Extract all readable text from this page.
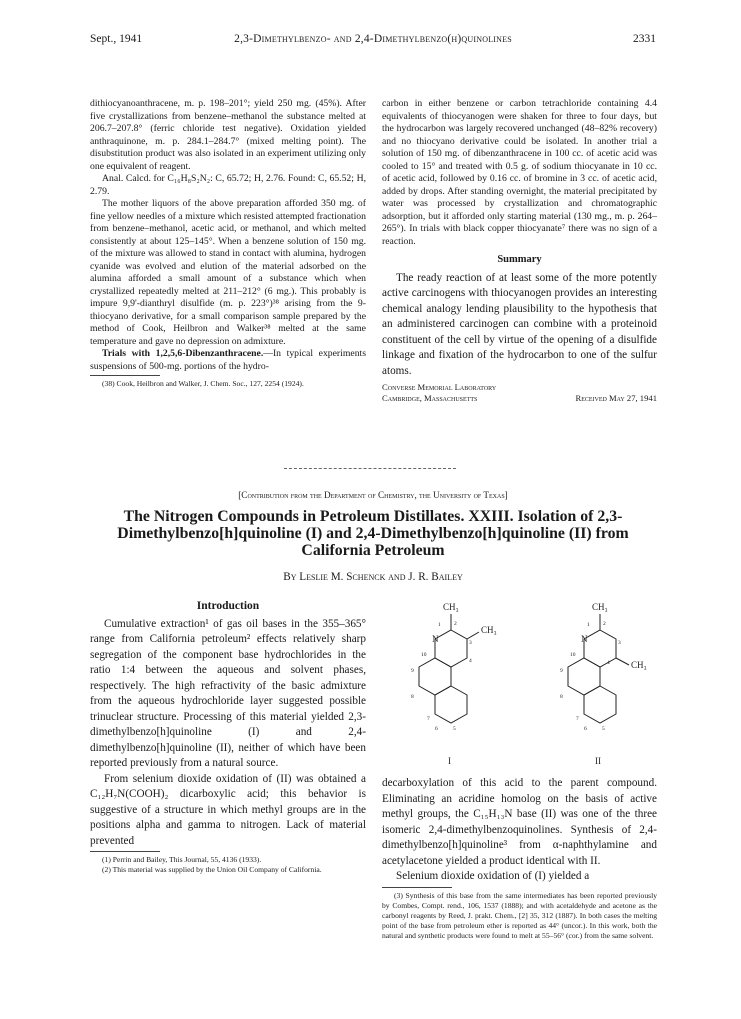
Sept., 1941	2,3-Dimethylbenzo- and 2,4-Dimethylbenzo(h)quinolines	2331

dithiocyanoanthracene, m. p. 198–201°; yield 250 mg. (45%). After five crystallizations from benzene–methanol the substance melted at 206.7–207.8° (ferric chloride test negative). Oxidation yielded anthraquinone, m. p. 284.1–284.7° (mixed melting point). The disubstitution product was also isolated in an experiment utilizing only one equivalent of reagent.

Anal. Calcd. for C₁₆H₈S₂N₂: C, 65.72; H, 2.76. Found: C, 65.52; H, 2.79.

The mother liquors of the above preparation afforded 350 mg. of fine yellow needles of a mixture which resisted attempted fractionation from benzene–methanol, acetic acid, or methanol, and which melted consistently at about 125–145°. When a benzene solution of 150 mg. of the mixture was allowed to stand in contact with alumina, hydrogen cyanide was evolved and elution of the material adsorbed on the alumina afforded a small amount of a substance which when crystallized repeatedly melted at 211–212° (6 mg.). This probably is impure 9,9'-dianthryl disulfide (m. p. 223°)³⁸ arising from the 9-thiocyano derivative, for a small comparison sample prepared by the method of Cook, Heilbron and Walker³⁸ melted at the same temperature and gave no depression on admixture.

Trials with 1,2,5,6-Dibenzanthracene.—In typical experiments suspensions of 500-mg. portions of the hydro-

(38) Cook, Heilbron and Walker, J. Chem. Soc., 127, 2254 (1924).

carbon in either benzene or carbon tetrachloride containing 4.4 equivalents of thiocyanogen were shaken for three to four days, but the hydrocarbon was largely recovered unchanged (48–82% recovery) and no thiocyano derivative could be isolated. In another trial a solution of 150 mg. of dibenzanthracene in 100 cc. of acetic acid was cooled to 15° and treated with 0.5 g. of sodium thiocyanate in 10 cc. of acetic acid, followed by 0.16 cc. of bromine in 3 cc. of acetic acid, added by drops. After standing overnight, the material precipitated by water was processed by crystallization and chromatographic adsorption, but it afforded only starting material (130 mg., m. p. 264–265°). In trials with black copper thiocyanate⁷ there was no sign of a reaction.

Summary

The ready reaction of at least some of the more potently active carcinogens with thiocyanogen provides an interesting chemical analogy lending plausibility to the hypothesis that an administered carcinogen can combine with a proteinoid constituent of the cell by virtue of the opening of a disulfide linkage and fixation of the hydrocarbon to one of the sulfur atoms.

Converse Memorial Laboratory
Cambridge, Massachusetts	Received May 27, 1941
[Contribution from the Department of Chemistry, the University of Texas]
The Nitrogen Compounds in Petroleum Distillates. XXIII. Isolation of 2,3-Dimethylbenzo[h]quinoline (I) and 2,4-Dimethylbenzo[h]quinoline (II) from California Petroleum
By Leslie M. Schenck and J. R. Bailey
Introduction

Cumulative extraction¹ of gas oil bases in the 355–365° range from California petroleum² effects relatively sharp segregation of the component base hydrochlorides in the ratio 1:4 between the aqueous and solvent phases, respectively. The high refractivity of the basic admixture from the aqueous hydrochloride layer suggested possible trinuclear structure. Processing of this material yielded 2,3-dimethylbenzo[h]quinoline (I) and 2,4-dimethylbenzo[h]quinoline (II), neither of which have been reported previously from a natural source.

From selenium dioxide oxidation of (II) was obtained a C₁₂H₇N(COOH)₂ dicarboxylic acid; this behavior is suggestive of a structure in which methyl groups are in the positions alpha and gamma to nitrogen. Lack of material prevented

(1) Perrin and Bailey, This Journal, 55, 4136 (1933).

(2) This material was supplied by the Union Oil Company of California.

CH₃
CH₃
N
I
CH₃
CH₃
N
II
1 2
3
4
5
6
7
8
9
10
1 2
3
4
5
6
7
8
9
10

decarboxylation of this acid to the parent compound. Eliminating an acridine homolog on the basis of active methyl groups, the C₁₅H₁₃N base (II) was one of the three isomeric 2,4-dimethylbenzoquinolines. Synthesis of 2,4-dimethylbenzo[h]quinoline³ from α-naphthylamine and acetylacetone yielded a product identical with II.

Selenium dioxide oxidation of (I) yielded a

(3) Synthesis of this base from the same intermediates has been reported previously by Combes, Compt. rend., 106, 1537 (1888); and with acetaldehyde and acetone as the carbonyl reagents by Reed, J. prakt. Chem., [2] 35, 312 (1887). In both cases the melting point of the base from petroleum ether is reported as 44° (uncor.). In this work, both the natural and synthetic products were found to melt at 55–56° (cor.) from the same solvent.
